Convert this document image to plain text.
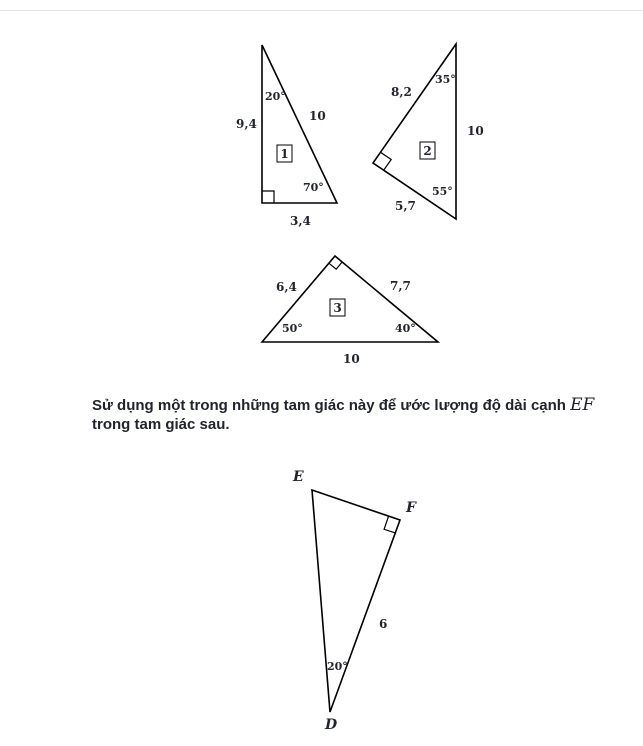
9,4
10
3,4
20°
70°
1
8,2
10
5,7
35°
55°
2
6,4	7,7
10
50°	40°
3
E
F
D
6
20°
Sử dụng một trong những tam giác này để ước lượng độ dài cạnh EF
trong tam giác sau.
